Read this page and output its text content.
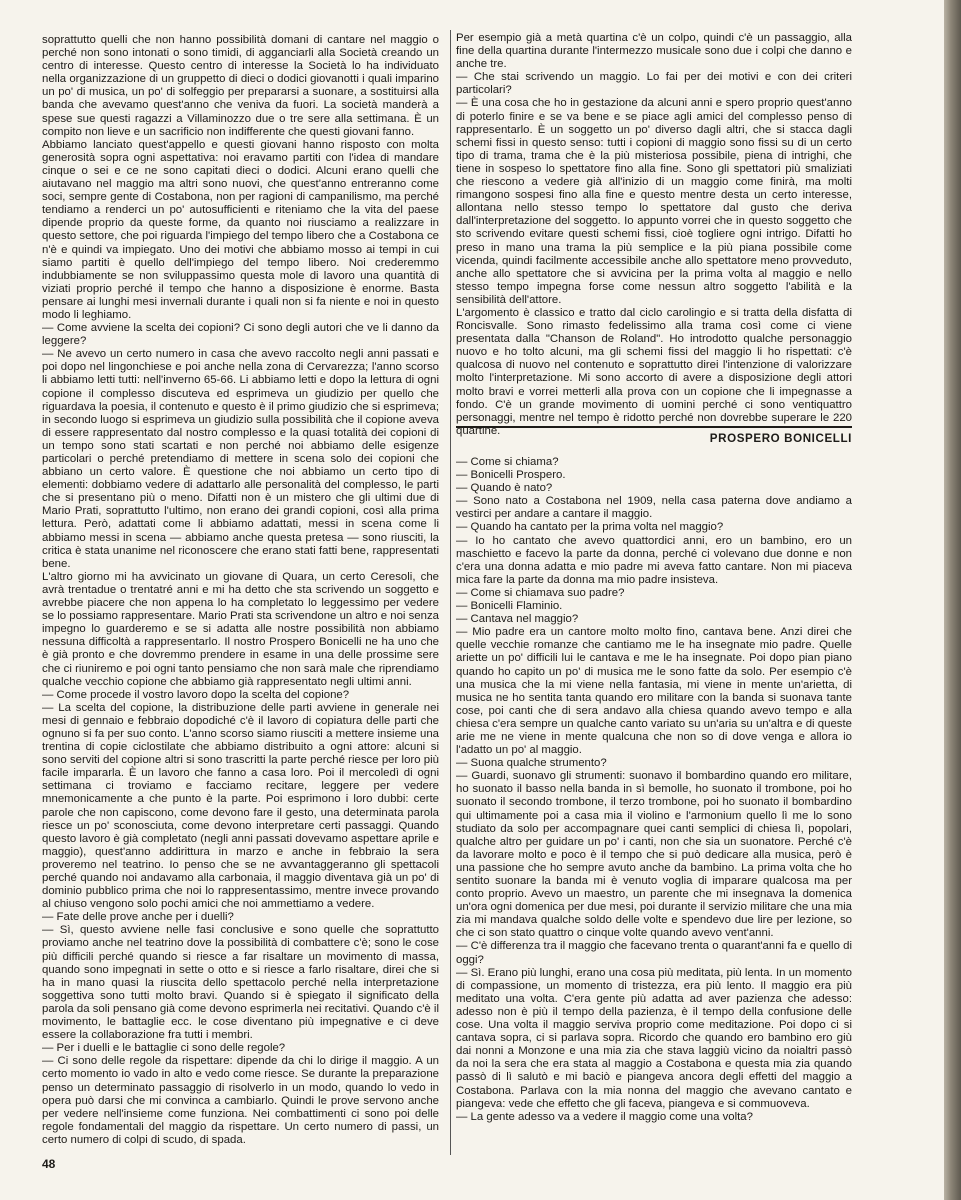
soprattutto quelli che non hanno possibilità domani di cantare nel maggio o perché non sono intonati o sono timidi, di agganciarli alla Società creando un centro di interesse. Questo centro di interesse la Società lo ha individuato nella organizzazione di un gruppetto di dieci o dodici giovanotti i quali imparino un po' di musica, un po' di solfeggio per prepararsi a suonare, a sostituirsi alla banda che avevamo quest'anno che veniva da fuori. La società manderà a spese sue questi ragazzi a Villaminozzo due o tre sere alla settimana. È un compito non lieve e un sacrificio non indifferente che questi giovani fanno.

Abbiamo lanciato quest'appello e questi giovani hanno risposto con molta generosità sopra ogni aspettativa: noi eravamo partiti con l'idea di mandare cinque o sei e ce ne sono capitati dieci o dodici. Alcuni erano quelli che aiutavano nel maggio ma altri sono nuovi, che quest'anno entreranno come soci, sempre gente di Costabona, non per ragioni di campanilismo, ma perché tendiamo a renderci un po' autosufficienti e riteniamo che la vita del paese dipende proprio da queste forme, da quanto noi riusciamo a realizzare in questo settore, che poi riguarda l'impiego del tempo libero che a Costabona ce n'è e quindi va impiegato. Uno dei motivi che abbiamo mosso ai tempi in cui siamo partiti è quello dell'impiego del tempo libero. Noi crederemmo indubbiamente se non sviluppassimo questa mole di lavoro una quantità di viziati proprio perché il tempo che hanno a disposizione è enorme. Basta pensare ai lunghi mesi invernali durante i quali non si fa niente e noi in questo modo li leghiamo.

— Come avviene la scelta dei copioni? Ci sono degli autori che ve li danno da leggere?

— Ne avevo un certo numero in casa che avevo raccolto negli anni passati e poi dopo nel lingonchiese e poi anche nella zona di Cervarezza; l'anno scorso li abbiamo letti tutti: nell'inverno 65-66. Li abbiamo letti e dopo la lettura di ogni copione il complesso discuteva ed esprimeva un giudizio per quello che riguardava la poesia, il contenuto e questo è il primo giudizio che si esprimeva; in secondo luogo si esprimeva un giudizio sulla possibilità che il copione aveva di essere rappresentato dal nostro complesso e la quasi totalità dei copioni di un tempo sono stati scartati e non perché noi abbiamo delle esigenze particolari o perché pretendiamo di mettere in scena solo dei copioni che abbiano un certo valore. È questione che noi abbiamo un certo tipo di elementi: dobbiamo vedere di adattarlo alle personalità del complesso, le parti che si presentano più o meno. Difatti non è un mistero che gli ultimi due di Mario Prati, soprattutto l'ultimo, non erano dei grandi copioni, così alla prima lettura. Però, adattati come li abbiamo adattati, messi in scena come li abbiamo messi in scena — abbiamo anche questa pretesa — sono riusciti, la critica è stata unanime nel riconoscere che erano stati fatti bene, rappresentati bene.

L'altro giorno mi ha avvicinato un giovane di Quara, un certo Ceresoli, che avrà trentadue o trentatré anni e mi ha detto che sta scrivendo un soggetto e avrebbe piacere che non appena lo ha completato lo leggessimo per vedere se lo possiamo rappresentare. Mario Prati sta scrivendone un altro e noi senza impegno lo guarderemo e se si adatta alle nostre possibilità non abbiamo nessuna difficoltà a rappresentarlo. Il nostro Prospero Bonicelli ne ha uno che è già pronto e che dovremmo prendere in esame in una delle prossime sere che ci riuniremo e poi ogni tanto pensiamo che non sarà male che riprendiamo qualche vecchio copione che abbiamo già rappresentato negli ultimi anni.

— Come procede il vostro lavoro dopo la scelta del copione?

— La scelta del copione, la distribuzione delle parti avviene in generale nei mesi di gennaio e febbraio dopodiché c'è il lavoro di copiatura delle parti che ognuno si fa per suo conto. L'anno scorso siamo riusciti a mettere insieme una trentina di copie ciclostilate che abbiamo distribuito a ogni attore: alcuni si sono serviti del copione altri si sono trascritti la parte perché riesce per loro più facile impararla. È un lavoro che fanno a casa loro. Poi il mercoledì di ogni settimana ci troviamo e facciamo recitare, leggere per vedere mnemonicamente a che punto è la parte. Poi esprimono i loro dubbi: certe parole che non capiscono, come devono fare il gesto, una determinata parola riesce un po' sconosciuta, come devono interpretare certi passaggi. Quando questo lavoro è già completato (negli anni passati dovevamo aspettare aprile e maggio), quest'anno addirittura in marzo e anche in febbraio la sera proveremo nel teatrino. Io penso che se ne avvantaggeranno gli spettacoli perché quando noi andavamo alla carbonaia, il maggio diventava già un po' di dominio pubblico prima che noi lo rappresentassimo, mentre invece provando al chiuso vengono solo pochi amici che noi ammettiamo a vedere.

— Fate delle prove anche per i duelli?

— Sì, questo avviene nelle fasi conclusive e sono quelle che soprattutto proviamo anche nel teatrino dove la possibilità di combattere c'è; sono le cose più difficili perché quando si riesce a far risaltare un movimento di massa, quando sono impegnati in sette o otto e si riesce a farlo risaltare, direi che si ha in mano quasi la riuscita dello spettacolo perché nella interpretazione soggettiva sono tutti molto bravi. Quando si è spiegato il significato della parola da soli pensano già come devono esprimerla nei recitativi. Quando c'è il movimento, le battaglie ecc. le cose diventano più impegnative e ci deve essere la collaborazione fra tutti i membri.

— Per i duelli e le battaglie ci sono delle regole?

— Ci sono delle regole da rispettare: dipende da chi lo dirige il maggio. A un certo momento io vado in alto e vedo come riesce. Se durante la preparazione penso un determinato passaggio di risolverlo in un modo, quando lo vedo in opera può darsi che mi convinca a cambiarlo. Quindi le prove servono anche per vedere nell'insieme come funziona. Nei combattimenti ci sono poi delle regole fondamentali del maggio da rispettare. Un certo numero di passi, un certo numero di colpi di scudo, di spada.

Per esempio già a metà quartina c'è un colpo, quindi c'è un passaggio, alla fine della quartina durante l'intermezzo musicale sono due i colpi che danno e anche tre.

— Che stai scrivendo un maggio. Lo fai per dei motivi e con dei criteri particolari?

— È una cosa che ho in gestazione da alcuni anni e spero proprio quest'anno di poterlo finire e se va bene e se piace agli amici del complesso penso di rappresentarlo. È un soggetto un po' diverso dagli altri, che si stacca dagli schemi fissi in questo senso: tutti i copioni di maggio sono fissi su di un certo tipo di trama, trama che è la più misteriosa possibile, piena di intrighi, che tiene in sospeso lo spettatore fino alla fine. Sono gli spettatori più smaliziati che riescono a vedere già all'inizio di un maggio come finirà, ma molti rimangono sospesi fino alla fine e questo mentre desta un certo interesse, allontana nello stesso tempo lo spettatore dal gusto che deriva dall'interpretazione del soggetto. Io appunto vorrei che in questo soggetto che sto scrivendo evitare questi schemi fissi, cioè togliere ogni intrigo. Difatti ho preso in mano una trama la più semplice e la più piana possibile come vicenda, quindi facilmente accessibile anche allo spettatore meno provveduto, anche allo spettatore che si avvicina per la prima volta al maggio e nello stesso tempo impegna forse come nessun altro soggetto l'abilità e la sensibilità dell'attore.

L'argomento è classico e tratto dal ciclo carolingio e si tratta della disfatta di Roncisvalle. Sono rimasto fedelissimo alla trama così come ci viene presentata dalla "Chanson de Roland". Ho introdotto qualche personaggio nuovo e ho tolto alcuni, ma gli schemi fissi del maggio li ho rispettati: c'è qualcosa di nuovo nel contenuto e soprattutto direi l'intenzione di valorizzare molto l'interpretazione. Mi sono accorto di avere a disposizione degli attori molto bravi e vorrei metterli alla prova con un copione che li impegnasse a fondo. C'è un grande movimento di uomini perché ci sono ventiquattro personaggi, mentre nel tempo è ridotto perché non dovrebbe superare le 220 quartine.

PROSPERO BONICELLI

— Come si chiama?

— Bonicelli Prospero.

— Quando è nato?

— Sono nato a Costabona nel 1909, nella casa paterna dove andiamo a vestirci per andare a cantare il maggio.

— Quando ha cantato per la prima volta nel maggio?

— Io ho cantato che avevo quattordici anni, ero un bambino, ero un maschietto e facevo la parte da donna, perché ci volevano due donne e non c'era una donna adatta e mio padre mi aveva fatto cantare. Non mi piaceva mica fare la parte da donna ma mio padre insisteva.

— Come si chiamava suo padre?

— Bonicelli Flaminio.

— Cantava nel maggio?

— Mio padre era un cantore molto molto fino, cantava bene. Anzi direi che quelle vecchie romanze che cantiamo me le ha insegnate mio padre. Quelle ariette un po' difficili lui le cantava e me le ha insegnate. Poi dopo pian piano quando ho capito un po' di musica me le sono fatte da solo. Per esempio c'è una musica che la mi viene nella fantasia, mi viene in mente un'arietta, di musica ne ho sentita tanta quando ero militare con la banda si suonava tante cose, poi canti che di sera andavo alla chiesa quando avevo tempo e alla chiesa c'era sempre un qualche canto variato su un'aria su un'altra e di queste arie me ne viene in mente qualcuna che non so di dove venga e allora io l'adatto un po' al maggio.

— Suona qualche strumento?

— Guardi, suonavo gli strumenti: suonavo il bombardino quando ero militare, ho suonato il basso nella banda in sì bemolle, ho suonato il trombone, poi ho suonato il secondo trombone, il terzo trombone, poi ho suonato il bombardino qui ultimamente poi a casa mia il violino e l'armonium quello lì me lo sono studiato da solo per accompagnare quei canti semplici di chiesa lì, popolari, qualche altro per guidare un po' i canti, non che sia un suonatore. Perché c'è da lavorare molto e poco è il tempo che si può dedicare alla musica, però è una passione che ho sempre avuto anche da bambino. La prima volta che ho sentito suonare la banda mi è venuto voglia di imparare qualcosa ma per conto proprio. Avevo un maestro, un parente che mi insegnava la domenica un'ora ogni domenica per due mesi, poi durante il servizio militare che una mia zia mi mandava qualche soldo delle volte e spendevo due lire per lezione, so che ci son stato quattro o cinque volte quando avevo vent'anni.

— C'è differenza tra il maggio che facevano trenta o quarant'anni fa e quello di oggi?

— Sì. Erano più lunghi, erano una cosa più meditata, più lenta. In un momento di compassione, un momento di tristezza, era più lento. Il maggio era più meditato una volta. C'era gente più adatta ad aver pazienza che adesso: adesso non è più il tempo della pazienza, è il tempo della confusione delle cose. Una volta il maggio serviva proprio come meditazione. Poi dopo ci si cantava sopra, ci si parlava sopra. Ricordo che quando ero bambino ero giù dai nonni a Monzone e una mia zia che stava laggiù vicino da noialtri passò da noi la sera che era stata al maggio a Costabona e questa mia zia quando passò di lì salutò e mi baciò e piangeva ancora degli effetti del maggio a Costabona. Parlava con la mia nonna del maggio che avevano cantato e piangeva: vede che effetto che gli faceva, piangeva e si commuoveva.

— La gente adesso va a vedere il maggio come una volta?

48
